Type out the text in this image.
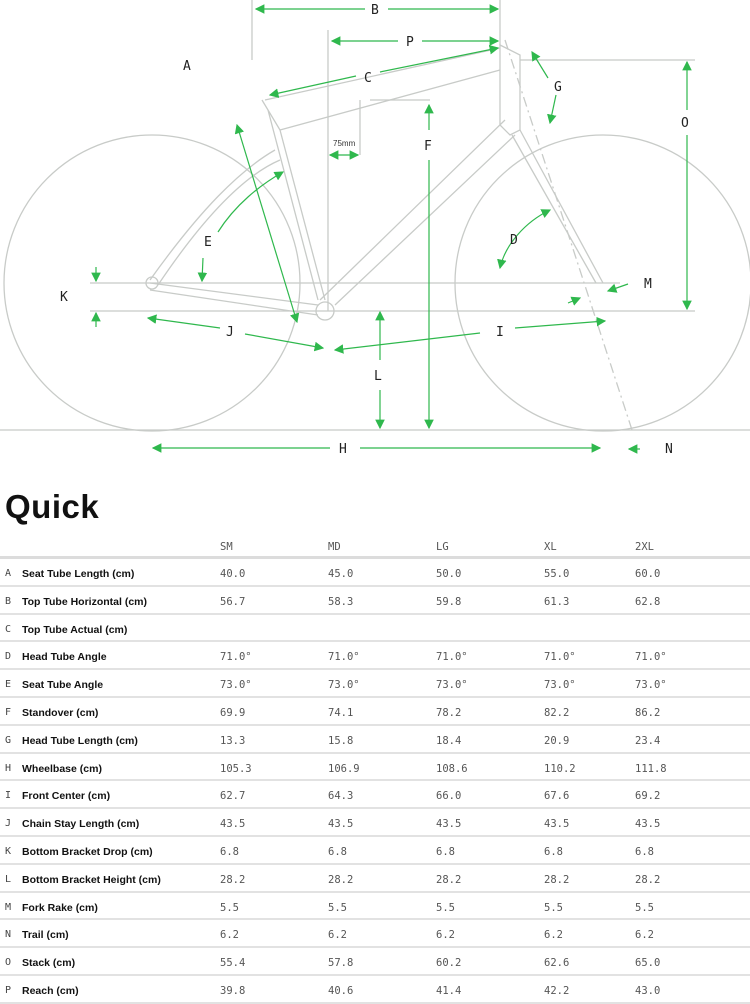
B
P
A
C
G
O
F
75mm
E	D
K
M
J	I
L
H	N
Quick
SM	MD	LG	XL	2XL
A Seat Tube Length (cm)	40.0	45.0	50.0	55.0	60.0
B Top Tube Horizontal (cm)	56.7	58.3	59.8	61.3	62.8
C Top Tube Actual (cm)
D Head Tube Angle	71.0°	71.0°	71.0°	71.0°	71.0°
E Seat Tube Angle	73.0°	73.0°	73.0°	73.0°	73.0°
F Standover (cm)	69.9	74.1	78.2	82.2	86.2
G Head Tube Length (cm)	13.3	15.8	18.4	20.9	23.4
H Wheelbase (cm)	105.3	106.9	108.6	110.2	111.8
I Front Center (cm)	62.7	64.3	66.0	67.6	69.2
J Chain Stay Length (cm)	43.5	43.5	43.5	43.5	43.5
K Bottom Bracket Drop (cm)	6.8	6.8	6.8	6.8	6.8
L Bottom Bracket Height (cm)	28.2	28.2	28.2	28.2	28.2
M Fork Rake (cm)	5.5	5.5	5.5	5.5	5.5
N Trail (cm)	6.2	6.2	6.2	6.2	6.2
O Stack (cm)	55.4	57.8	60.2	62.6	65.0
P Reach (cm)	39.8	40.6	41.4	42.2	43.0
